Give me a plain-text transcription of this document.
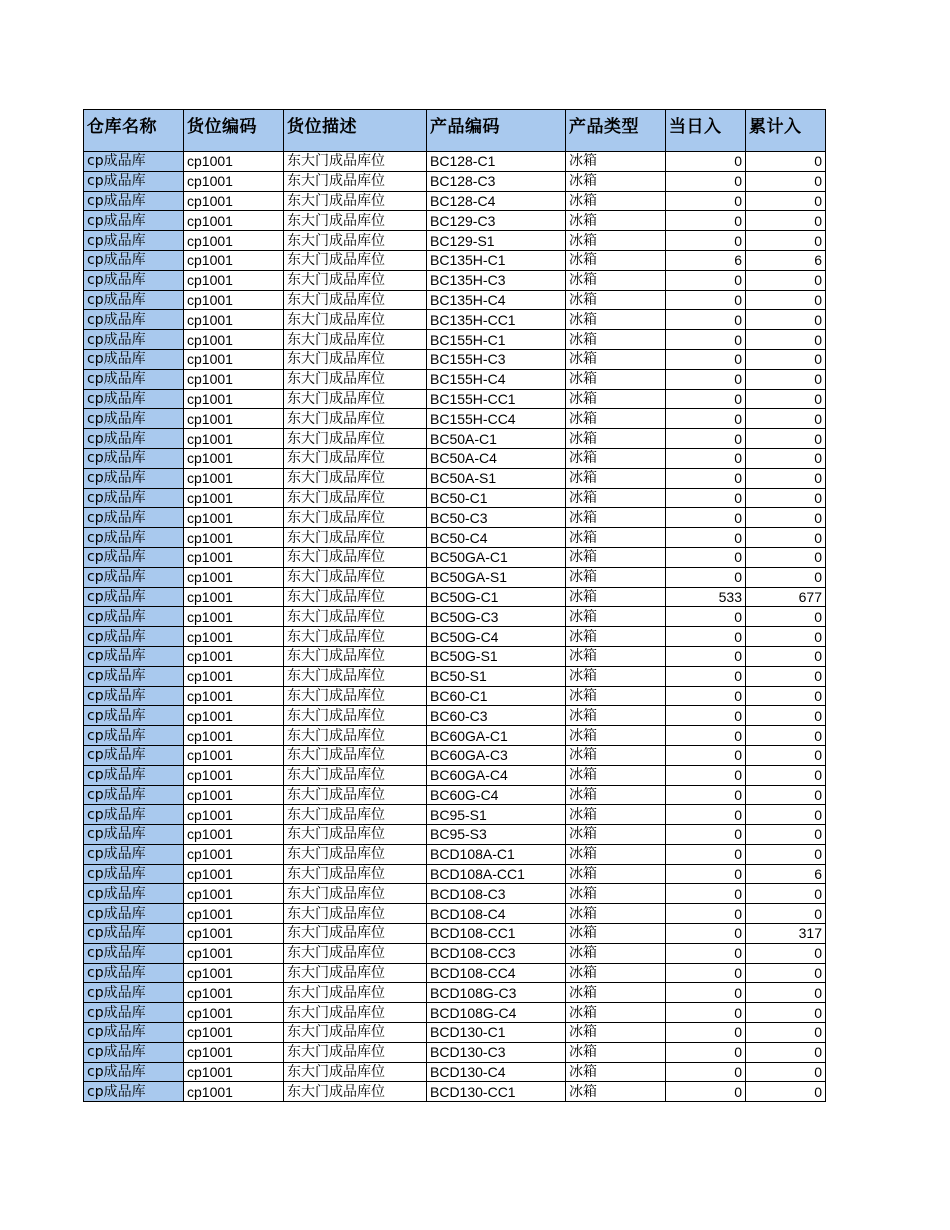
仓库名称	货位编码	货位描述	产品编码	产品类型	当日入	累计入
cp成品库	cp1001	东大门成品库位	BC128-C1	冰箱	0	0
cp成品库	cp1001	东大门成品库位	BC128-C3	冰箱	0	0
cp成品库	cp1001	东大门成品库位	BC128-C4	冰箱	0	0
cp成品库	cp1001	东大门成品库位	BC129-C3	冰箱	0	0
cp成品库	cp1001	东大门成品库位	BC129-S1	冰箱	0	0
cp成品库	cp1001	东大门成品库位	BC135H-C1	冰箱	6	6
cp成品库	cp1001	东大门成品库位	BC135H-C3	冰箱	0	0
cp成品库	cp1001	东大门成品库位	BC135H-C4	冰箱	0	0
cp成品库	cp1001	东大门成品库位	BC135H-CC1	冰箱	0	0
cp成品库	cp1001	东大门成品库位	BC155H-C1	冰箱	0	0
cp成品库	cp1001	东大门成品库位	BC155H-C3	冰箱	0	0
cp成品库	cp1001	东大门成品库位	BC155H-C4	冰箱	0	0
cp成品库	cp1001	东大门成品库位	BC155H-CC1	冰箱	0	0
cp成品库	cp1001	东大门成品库位	BC155H-CC4	冰箱	0	0
cp成品库	cp1001	东大门成品库位	BC50A-C1	冰箱	0	0
cp成品库	cp1001	东大门成品库位	BC50A-C4	冰箱	0	0
cp成品库	cp1001	东大门成品库位	BC50A-S1	冰箱	0	0
cp成品库	cp1001	东大门成品库位	BC50-C1	冰箱	0	0
cp成品库	cp1001	东大门成品库位	BC50-C3	冰箱	0	0
cp成品库	cp1001	东大门成品库位	BC50-C4	冰箱	0	0
cp成品库	cp1001	东大门成品库位	BC50GA-C1	冰箱	0	0
cp成品库	cp1001	东大门成品库位	BC50GA-S1	冰箱	0	0
cp成品库	cp1001	东大门成品库位	BC50G-C1	冰箱	533	677
cp成品库	cp1001	东大门成品库位	BC50G-C3	冰箱	0	0
cp成品库	cp1001	东大门成品库位	BC50G-C4	冰箱	0	0
cp成品库	cp1001	东大门成品库位	BC50G-S1	冰箱	0	0
cp成品库	cp1001	东大门成品库位	BC50-S1	冰箱	0	0
cp成品库	cp1001	东大门成品库位	BC60-C1	冰箱	0	0
cp成品库	cp1001	东大门成品库位	BC60-C3	冰箱	0	0
cp成品库	cp1001	东大门成品库位	BC60GA-C1	冰箱	0	0
cp成品库	cp1001	东大门成品库位	BC60GA-C3	冰箱	0	0
cp成品库	cp1001	东大门成品库位	BC60GA-C4	冰箱	0	0
cp成品库	cp1001	东大门成品库位	BC60G-C4	冰箱	0	0
cp成品库	cp1001	东大门成品库位	BC95-S1	冰箱	0	0
cp成品库	cp1001	东大门成品库位	BC95-S3	冰箱	0	0
cp成品库	cp1001	东大门成品库位	BCD108A-C1	冰箱	0	0
cp成品库	cp1001	东大门成品库位	BCD108A-CC1	冰箱	0	6
cp成品库	cp1001	东大门成品库位	BCD108-C3	冰箱	0	0
cp成品库	cp1001	东大门成品库位	BCD108-C4	冰箱	0	0
cp成品库	cp1001	东大门成品库位	BCD108-CC1	冰箱	0	317
cp成品库	cp1001	东大门成品库位	BCD108-CC3	冰箱	0	0
cp成品库	cp1001	东大门成品库位	BCD108-CC4	冰箱	0	0
cp成品库	cp1001	东大门成品库位	BCD108G-C3	冰箱	0	0
cp成品库	cp1001	东大门成品库位	BCD108G-C4	冰箱	0	0
cp成品库	cp1001	东大门成品库位	BCD130-C1	冰箱	0	0
cp成品库	cp1001	东大门成品库位	BCD130-C3	冰箱	0	0
cp成品库	cp1001	东大门成品库位	BCD130-C4	冰箱	0	0
cp成品库	cp1001	东大门成品库位	BCD130-CC1	冰箱	0	0
